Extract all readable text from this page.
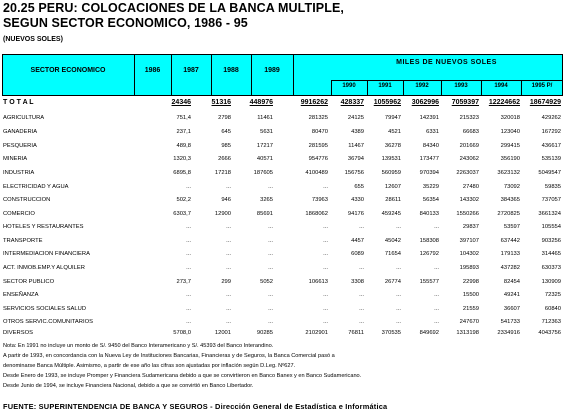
20.25 PERU: COLOCACIONES DE LA BANCA MULTIPLE,
SEGUN SECTOR ECONOMICO, 1986 - 95
(NUEVOS SOLES)
SECTOR ECONOMICO	1986	1987	1988	1989
MILES DE NUEVOS SOLES
1990	1991	1992	1993	1994	1995 P/
T O T A L	24346	51316	448976	9916262 428337 1055962 3062996 7059397 12224662 18674929
AGRICULTURA	751,4	2798	11461	281325	24125	79947	142391	215323	320018	429262
GANADERIA	237,1	645	5631	80470	4389	4521	6331	66683	123040	167292
PESQUERIA	489,8	985	17217	281595	11467	36278	84340	201669	299415	436617
MINERIA	1320,3	2666	40571	954776	36794	139531	173477	243062	356190	535139
INDUSTRIA	6895,8	17218	187605	4100489	156756	560959	970394	2263037	3623132	5049547
ELECTRICIDAD Y AGUA	...	...	...	...	655	12607	35229	27480	73092	59835
CONSTRUCCION	502,2	946	3265	73963	4330	28611	56354	143302	384365	737057
COMERCIO	6303,7	12900	85691	1868062	94176	459245	840133	1550266	2720825	3661324
HOTELES Y RESTAURANTES	...	...	...	...	...	...	...	29837	53597	105554
TRANSPORTE	...	...	...	...	4457	45042	158308	397107	637442	903256
INTERMEDIACION FINANCIERA	...	...	...	...	6089	71654	126792	104302	179133	314465
ACT. INMOB.EMP.Y ALQUILER	...	...	...	...	...	...	...	195893	437282	630373
SECTOR PUBLICO	273,7	299	5052	106613	3308	26774	155577	22998	82454	130909
ENSEÑANZA	...	...	...	...	...	...	...	15500	49241	72325
SERVICIOS SOCIALES SALUD	...	...	...	...	...	...	...	21559	36607	60840
OTROS SERVIC.COMUNITARIOS	...	...	...	...	...	...	...	247670	541733	712363
DIVERSOS	5708,0	12001	90285	2102901	76811	370535	849692	1313198	2334916	4043756
Nota: En 1991 no incluye un monto de S/. 9450 del Banco Interamericano y S/. 45393 del Banco Interandino.
A partir de 1993, en concordancia con la Nueva Ley de Instituciones Bancarias, Financieras y de Seguros, la Banca Comercial pasó a
denominarse Banca Múltiple. Asimismo, a partir de ese año las cifras son ajustadas por inflación según D.Leg. Nº627.
Desde Enero de 1993, se incluye Promper y Financiera Sudamericana debido a que se convirtieron en Banco Banex y en Banco Sudamericano.
Desde Junio de 1994, se incluye Financiera Nacional, debido a que se convirtió en Banco Libertador.
FUENTE: SUPERINTENDENCIA DE BANCA Y SEGUROS - Dirección General de Estadística e Informática
